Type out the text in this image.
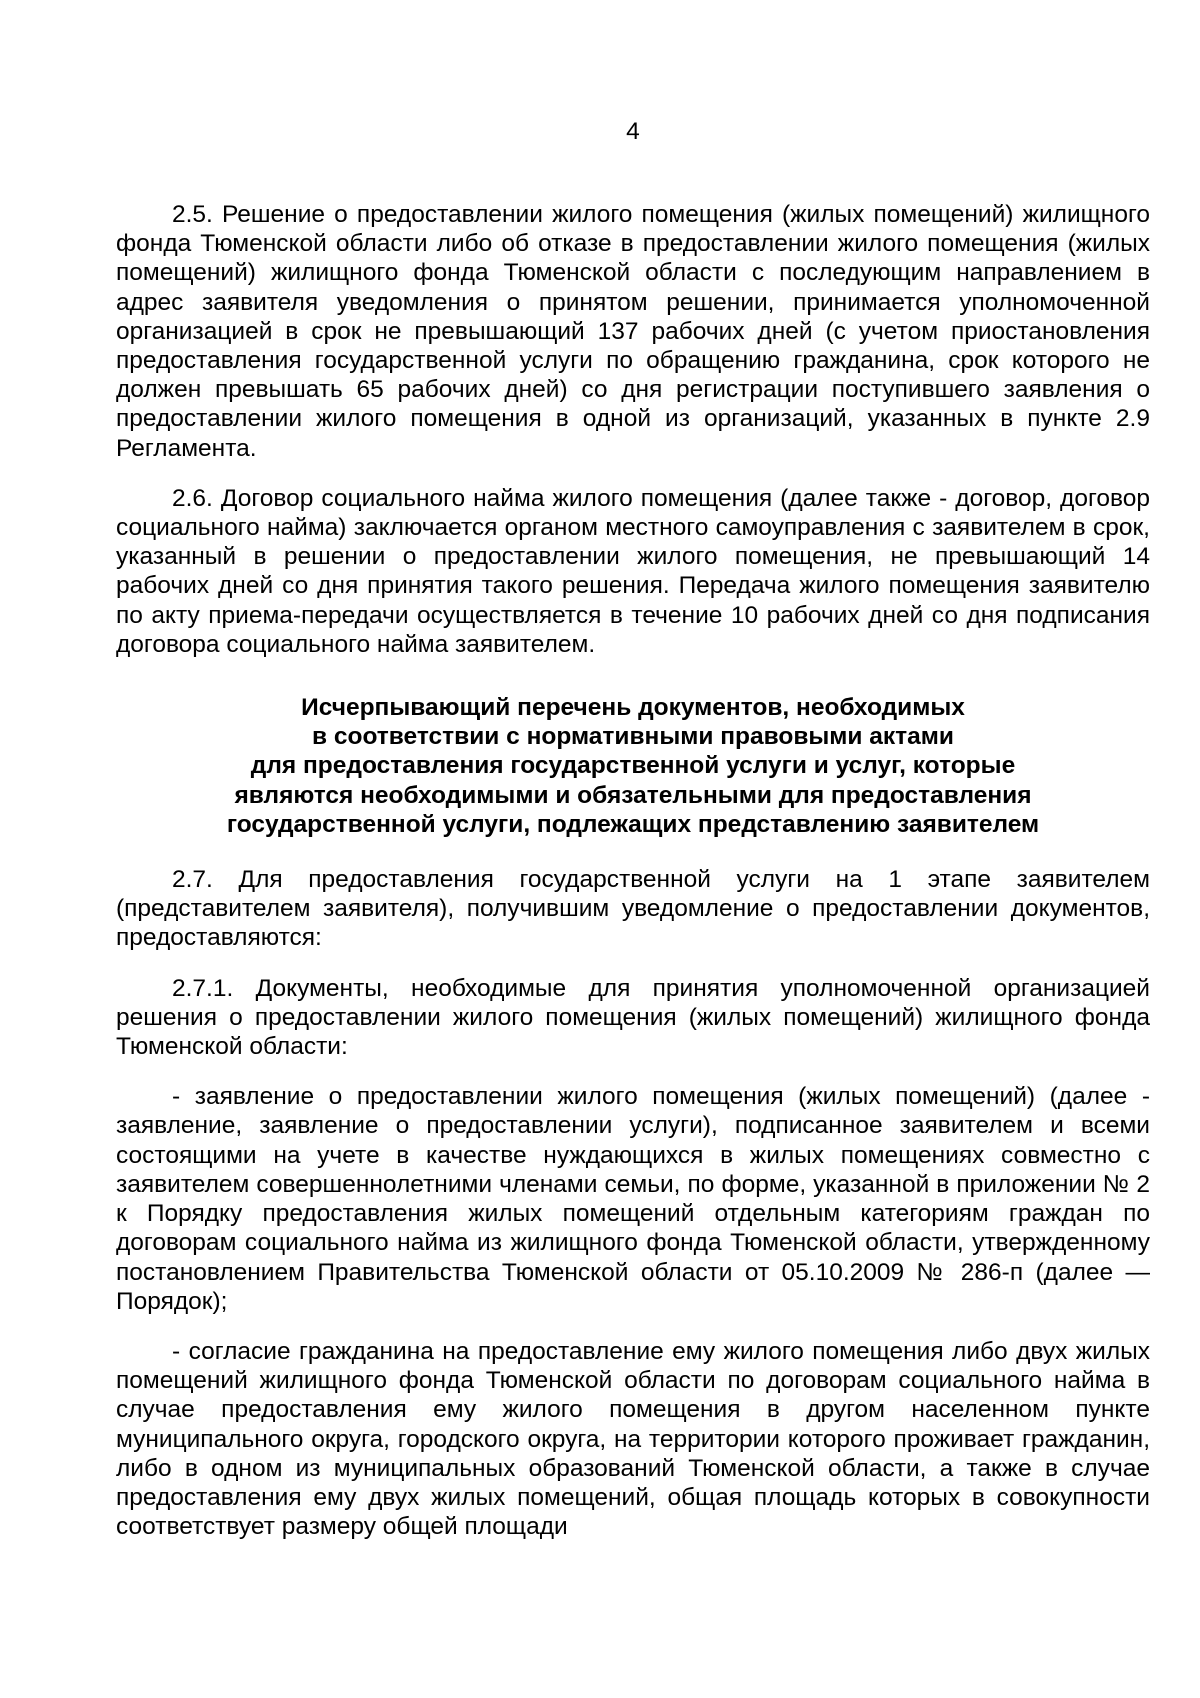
4

2.5. Решение о предоставлении жилого помещения (жилых помещений) жилищного фонда Тюменской области либо об отказе в предоставлении жилого помещения (жилых помещений) жилищного фонда Тюменской области с последующим направлением в адрес заявителя уведомления о принятом решении, принимается уполномоченной организацией в срок не превышающий 137 рабочих дней (с учетом приостановления предоставления государственной услуги по обращению гражданина, срок которого не должен превышать 65 рабочих дней) со дня регистрации поступившего заявления о предоставлении жилого помещения в одной из организаций, указанных в пункте 2.9 Регламента.

2.6. Договор социального найма жилого помещения (далее также - договор, договор социального найма) заключается органом местного самоуправления с заявителем в срок, указанный в решении о предоставлении жилого помещения, не превышающий 14 рабочих дней со дня принятия такого решения. Передача жилого помещения заявителю по акту приема-передачи осуществляется в течение 10 рабочих дней со дня подписания договора социального найма заявителем.

Исчерпывающий перечень документов, необходимых
в соответствии с нормативными правовыми актами
для предоставления государственной услуги и услуг, которые
являются необходимыми и обязательными для предоставления
государственной услуги, подлежащих представлению заявителем

2.7. Для предоставления государственной услуги на 1 этапе заявителем (представителем заявителя), получившим уведомление о предоставлении документов, предоставляются:

2.7.1. Документы, необходимые для принятия уполномоченной организацией решения о предоставлении жилого помещения (жилых помещений) жилищного фонда Тюменской области:

- заявление о предоставлении жилого помещения (жилых помещений) (далее - заявление, заявление о предоставлении услуги), подписанное заявителем и всеми состоящими на учете в качестве нуждающихся в жилых помещениях совместно с заявителем совершеннолетними членами семьи, по форме, указанной в приложении № 2 к Порядку предоставления жилых помещений отдельным категориям граждан по договорам социального найма из жилищного фонда Тюменской области, утвержденному постановлением Правительства Тюменской области от 05.10.2009 № 286-п (далее — Порядок);

- согласие гражданина на предоставление ему жилого помещения либо двух жилых помещений жилищного фонда Тюменской области по договорам социального найма в случае предоставления ему жилого помещения в другом населенном пункте муниципального округа, городского округа, на территории которого проживает гражданин, либо в одном из муниципальных образований Тюменской области, а также в случае предоставления ему двух жилых помещений, общая площадь которых в совокупности соответствует размеру общей площади
